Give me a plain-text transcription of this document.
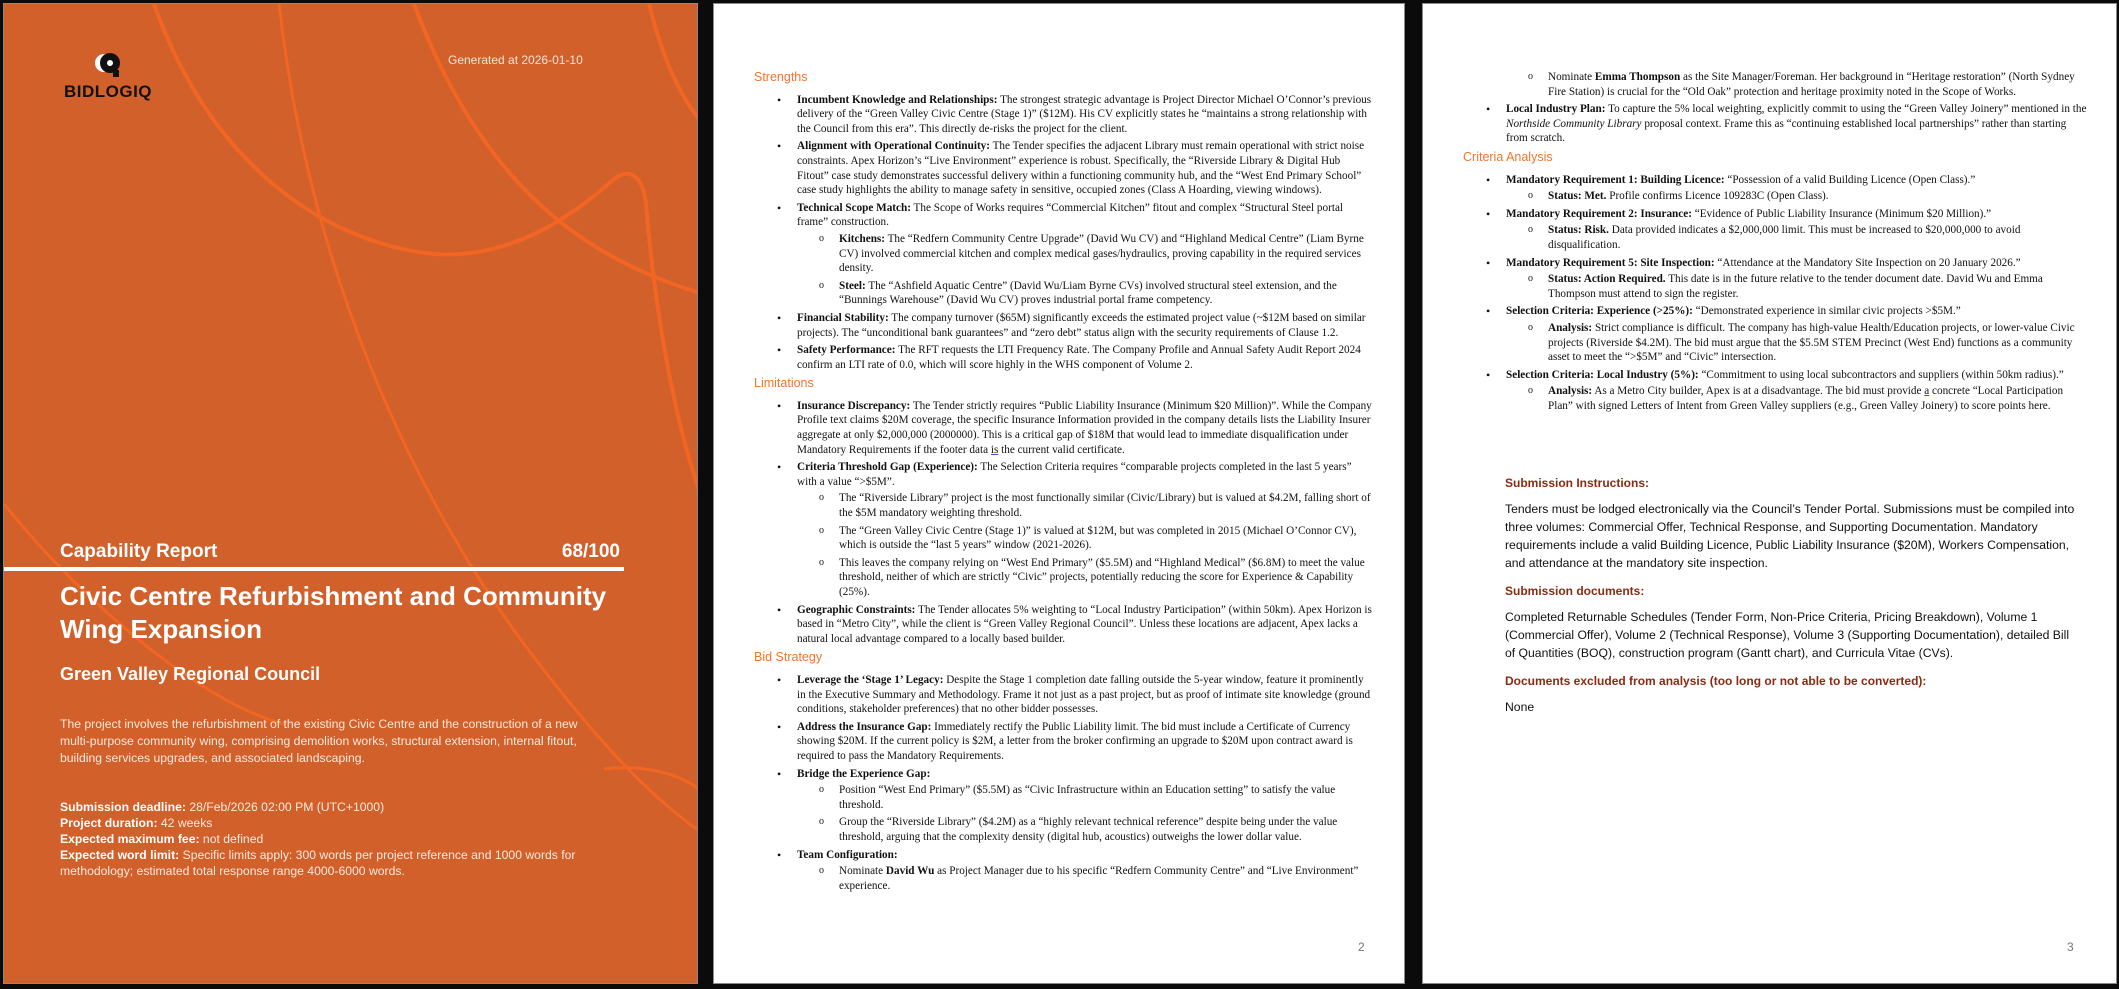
BIDLOGIQ
Generated at 2026-01-10
Capability Report	68/100
Civic Centre Refurbishment and Community Wing Expansion
Green Valley Regional Council
The project involves the refurbishment of the existing Civic Centre and the construction of a new multi-purpose community wing, comprising demolition works, structural extension, internal fitout, building services upgrades, and associated landscaping.
Submission deadline: 28/Feb/2026 02:00 PM (UTC+1000)
Project duration: 42 weeks
Expected maximum fee: not defined
Expected word limit: Specific limits apply: 300 words per project reference and 1000 words for methodology; estimated total response range 4000-6000 words.
Strengths
• Incumbent Knowledge and Relationships: The strongest strategic advantage is Project Director Michael O’Connor’s previous delivery of the “Green Valley Civic Centre (Stage 1)” ($12M). His CV explicitly states he “maintains a strong relationship with the Council from this era”. This directly de-risks the project for the client.
• Alignment with Operational Continuity: The Tender specifies the adjacent Library must remain operational with strict noise constraints. Apex Horizon’s “Live Environment” experience is robust. Specifically, the “Riverside Library & Digital Hub Fitout” case study demonstrates successful delivery within a functioning community hub, and the “West End Primary School” case study highlights the ability to manage safety in sensitive, occupied zones (Class A Hoarding, viewing windows).
• Technical Scope Match: The Scope of Works requires “Commercial Kitchen” fitout and complex “Structural Steel portal frame” construction.
o Kitchens: The “Redfern Community Centre Upgrade” (David Wu CV) and “Highland Medical Centre” (Liam Byrne CV) involved commercial kitchen and complex medical gases/hydraulics, proving capability in the required services density.
o Steel: The “Ashfield Aquatic Centre” (David Wu/Liam Byrne CVs) involved structural steel extension, and the “Bunnings Warehouse” (David Wu CV) proves industrial portal frame competency.
• Financial Stability: The company turnover ($65M) significantly exceeds the estimated project value (~$12M based on similar projects). The “unconditional bank guarantees” and “zero debt” status align with the security requirements of Clause 1.2.
• Safety Performance: The RFT requests the LTI Frequency Rate. The Company Profile and Annual Safety Audit Report 2024 confirm an LTI rate of 0.0, which will score highly in the WHS component of Volume 2.
Limitations
• Insurance Discrepancy: The Tender strictly requires “Public Liability Insurance (Minimum $20 Million)”. While the Company Profile text claims $20M coverage, the specific Insurance Information provided in the company details lists the Liability Insurer aggregate at only $2,000,000 (2000000). This is a critical gap of $18M that would lead to immediate disqualification under Mandatory Requirements if the footer data is the current valid certificate.
• Criteria Threshold Gap (Experience): The Selection Criteria requires “comparable projects completed in the last 5 years” with a value “>$5M”.
o The “Riverside Library” project is the most functionally similar (Civic/Library) but is valued at $4.2M, falling short of the $5M mandatory weighting threshold.
o The “Green Valley Civic Centre (Stage 1)” is valued at $12M, but was completed in 2015 (Michael O’Connor CV), which is outside the “last 5 years” window (2021-2026).
o This leaves the company relying on “West End Primary” ($5.5M) and “Highland Medical” ($6.8M) to meet the value threshold, neither of which are strictly “Civic” projects, potentially reducing the score for Experience & Capability (25%).
• Geographic Constraints: The Tender allocates 5% weighting to “Local Industry Participation” (within 50km). Apex Horizon is based in “Metro City”, while the client is “Green Valley Regional Council”. Unless these locations are adjacent, Apex lacks a natural local advantage compared to a locally based builder.
Bid Strategy
• Leverage the ‘Stage 1’ Legacy: Despite the Stage 1 completion date falling outside the 5-year window, feature it prominently in the Executive Summary and Methodology. Frame it not just as a past project, but as proof of intimate site knowledge (ground conditions, stakeholder preferences) that no other bidder possesses.
• Address the Insurance Gap: Immediately rectify the Public Liability limit. The bid must include a Certificate of Currency showing $20M. If the current policy is $2M, a letter from the broker confirming an upgrade to $20M upon contract award is required to pass the Mandatory Requirements.
• Bridge the Experience Gap:
o Position “West End Primary” ($5.5M) as “Civic Infrastructure within an Education setting” to satisfy the value threshold.
o Group the “Riverside Library” ($4.2M) as a “highly relevant technical reference” despite being under the value threshold, arguing that the complexity density (digital hub, acoustics) outweighs the lower dollar value.
• Team Configuration:
o Nominate David Wu as Project Manager due to his specific “Redfern Community Centre” and “Live Environment” experience.
2
o Nominate Emma Thompson as the Site Manager/Foreman. Her background in “Heritage restoration” (North Sydney Fire Station) is crucial for the “Old Oak” protection and heritage proximity noted in the Scope of Works.
• Local Industry Plan: To capture the 5% local weighting, explicitly commit to using the “Green Valley Joinery” mentioned in the Northside Community Library proposal context. Frame this as “continuing established local partnerships” rather than starting from scratch.
Criteria Analysis
• Mandatory Requirement 1: Building Licence: “Possession of a valid Building Licence (Open Class).”
o Status: Met. Profile confirms Licence 109283C (Open Class).
• Mandatory Requirement 2: Insurance: “Evidence of Public Liability Insurance (Minimum $20 Million).”
o Status: Risk. Data provided indicates a $2,000,000 limit. This must be increased to $20,000,000 to avoid disqualification.
• Mandatory Requirement 5: Site Inspection: “Attendance at the Mandatory Site Inspection on 20 January 2026.”
o Status: Action Required. This date is in the future relative to the tender document date. David Wu and Emma Thompson must attend to sign the register.
• Selection Criteria: Experience (>25%): “Demonstrated experience in similar civic projects >$5M.”
o Analysis: Strict compliance is difficult. The company has high-value Health/Education projects, or lower-value Civic projects (Riverside $4.2M). The bid must argue that the $5.5M STEM Precinct (West End) functions as a community asset to meet the “>$5M” and “Civic” intersection.
• Selection Criteria: Local Industry (5%): “Commitment to using local subcontractors and suppliers (within 50km radius).”
o Analysis: As a Metro City builder, Apex is at a disadvantage. The bid must provide a concrete “Local Participation Plan” with signed Letters of Intent from Green Valley suppliers (e.g., Green Valley Joinery) to score points here.
Submission Instructions:
Tenders must be lodged electronically via the Council’s Tender Portal. Submissions must be compiled into three volumes: Commercial Offer, Technical Response, and Supporting Documentation. Mandatory requirements include a valid Building Licence, Public Liability Insurance ($20M), Workers Compensation, and attendance at the mandatory site inspection.
Submission documents:
Completed Returnable Schedules (Tender Form, Non-Price Criteria, Pricing Breakdown), Volume 1 (Commercial Offer), Volume 2 (Technical Response), Volume 3 (Supporting Documentation), detailed Bill of Quantities (BOQ), construction program (Gantt chart), and Curricula Vitae (CVs).
Documents excluded from analysis (too long or not able to be converted):
None
3
